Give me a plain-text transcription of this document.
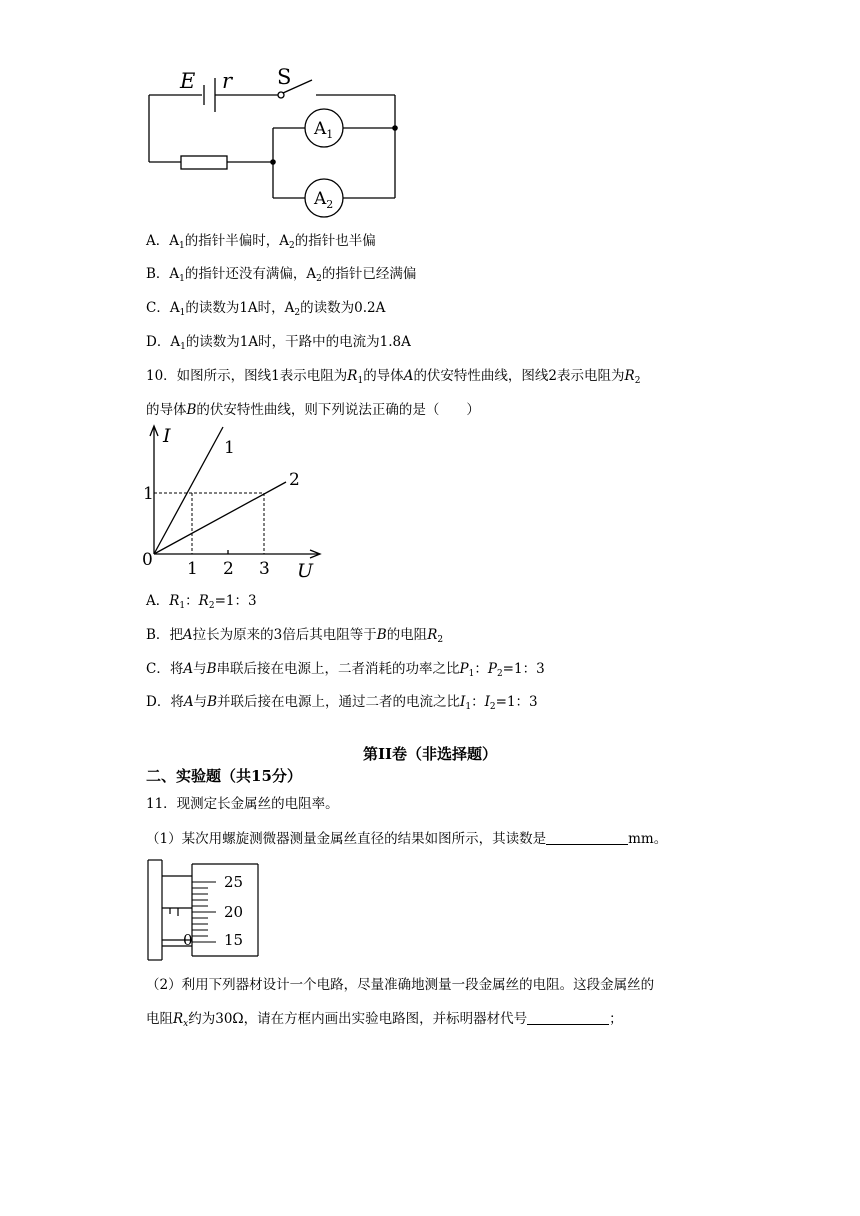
E r S
$A_1$
$A_2$
A．$A_1$的指针半偏时，$A_2$的指针也半偏
B．$A_1$的指针还没有满偏，$A_2$的指针已经满偏
C．$A_1$的读数为1A时，$A_2$的读数为0.2A
D．$A_1$的读数为1A时，干路中的电流为1.8A
10．如图所示，图线1表示电阻为$R_1$的导体A的伏安特性曲线，图线2表示电阻为$R_2$
的导体B的伏安特性曲线，则下列说法正确的是（　　）
I
U
0
1
1 2 3
1
2
A．$R_1$：$R_2=1$：3
B．把A拉长为原来的3倍后其电阻等于B的电阻$R_2$
C．将A与B串联后接在电源上，二者消耗的功率之比$P_1$：$P_2=1$：3
D．将A与B并联后接在电源上，通过二者的电流之比$I_1$：$I_2=1$：3
第II卷（非选择题）
二、实验题（共15分）
11．现测定长金属丝的电阻率。
（1）某次用螺旋测微器测量金属丝直径的结果如图所示，其读数是	mm。
25
20
15
0
（2）利用下列器材设计一个电路，尽量准确地测量一段金属丝的电阻。这段金属丝的
电阻$R_x$约为30Ω，请在方框内画出实验电路图，并标明器材代号	；
